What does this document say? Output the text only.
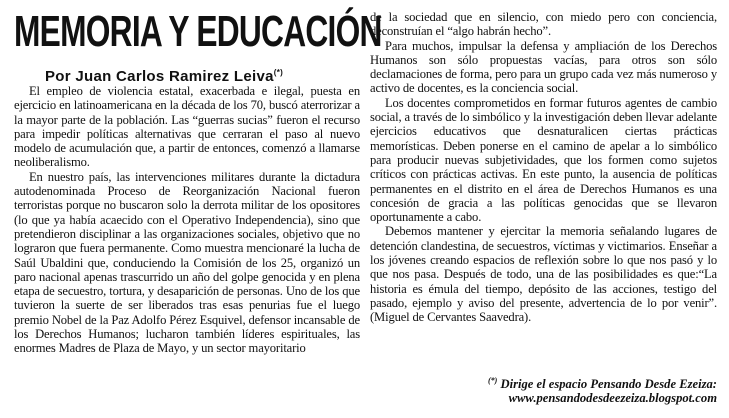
MEMORIA Y EDUCACIÓN
Por Juan Carlos Ramirez Leiva(*)

El empleo de violencia estatal, exacerbada e ilegal, puesta en ejercicio en latinoamericana en la década de los 70, buscó aterrorizar a la mayor parte de la población. Las “guerras sucias” fueron el recurso para impedir políticas alternativas que cerraran el paso al nuevo modelo de acumulación que, a partir de entonces, comenzó a llamarse neoliberalismo.

En nuestro país, las intervenciones militares durante la dictadura autodenominada Proceso de Reorganización Nacional fueron terroristas porque no buscaron solo la derrota militar de los opositores (lo que ya había acaecido con el Operativo Independencia), sino que pretendieron disciplinar a las organizaciones sociales, objetivo que no lograron que fuera permanente. Como muestra mencionaré la lucha de Saúl Ubaldini que, conduciendo la Comisión de los 25, organizó un paro nacional apenas trascurrido un año del golpe genocida y en plena etapa de secuestro, tortura, y desaparición de personas. Uno de los que tuvieron la suerte de ser liberados tras esas penurias fue el luego premio Nobel de la Paz Adolfo Pérez Esquivel, defensor incansable de los Derechos Humanos; lucharon también líderes espirituales, las enormes Madres de Plaza de Mayo, y un sector mayoritario

de la sociedad que en silencio, con miedo pero con conciencia, deconstruían el “algo habrán hecho”.

Para muchos, impulsar la defensa y ampliación de los Derechos Humanos son sólo propuestas vacías, para otros son sólo declamaciones de forma, pero para un grupo cada vez más numeroso y activo de docentes, es la conciencia social.

Los docentes comprometidos en formar futuros agentes de cambio social, a través de lo simbólico y la investigación deben llevar adelante ejercicios educativos que desnaturalicen ciertas prácticas memorísticas. Deben ponerse en el camino de apelar a lo simbólico para producir nuevas subjetividades, que los formen como sujetos críticos con prácticas activas. En este punto, la ausencia de políticas permanentes en el distrito en el área de Derechos Humanos es una concesión de gracia a las políticas genocidas que se llevaron oportunamente a cabo.

Debemos mantener y ejercitar la memoria señalando lugares de detención clandestina, de secuestros, víctimas y victimarios. Enseñar a los jóvenes creando espacios de reflexión sobre lo que nos pasó y lo que nos pasa. Después de todo, una de las posibilidades es que:“La historia es émula del tiempo, depósito de las acciones, testigo del pasado, ejemplo y aviso del presente, advertencia de lo por venir”. (Miguel de Cervantes Saavedra).

(*) Dirige el espacio Pensando Desde Ezeiza:
www.pensandodesdeezeiza.blogspot.com
